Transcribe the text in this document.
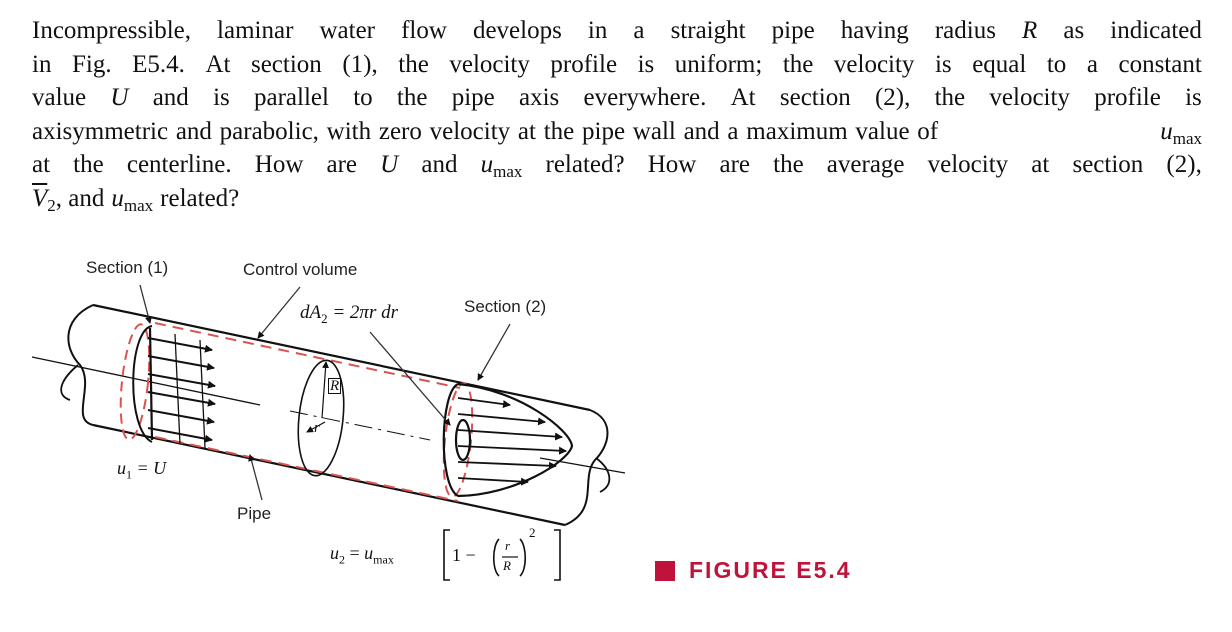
Incompressible, laminar water flow develops in a straight pipe having radius R as indicated
in Fig. E5.4. At section (1), the velocity profile is uniform; the velocity is equal to a constant
value U and is parallel to the pipe axis everywhere. At section (2), the velocity profile is
axisymmetric and parabolic, with zero velocity at the pipe wall and a maximum value of	$u_{max}$
at the centerline. How are U and $u_{max}$ related? How are the average velocity at section (2),
$\overline{V}_2$ , and $u_{max}$ related?
Section (1)	Control volume
$dA_2 = 2\pi r$ dr	Section (2)
R
r
$u_1 = U$
Pipe
$u_2 = u_{max}$	1 − r
R
2
FIGURE E5.4
